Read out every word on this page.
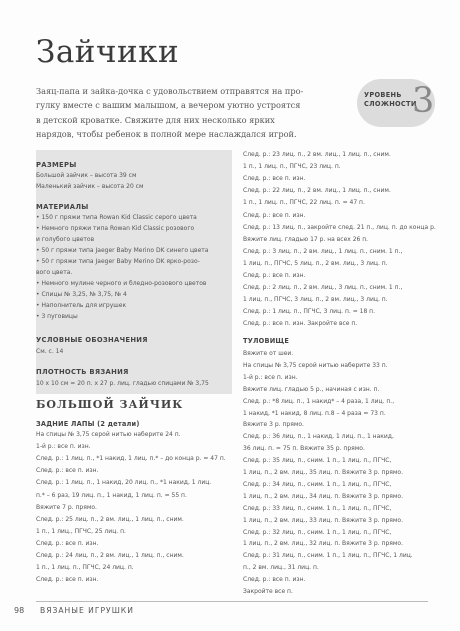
Зайчики
Заяц-папа и зайка-дочка с удовольствием отправятся на про-
гулку вместе с вашим малышом, а вечером уютно устроятся
в детской кроватке. Свяжите для них несколько ярких
нарядов, чтобы ребенок в полной мере наслаждался игрой.
УРОВЕНЬ
СЛОЖНОСТИ
3
РАЗМЕРЫ
Большой зайчик – высота 39 см
Маленький зайчик – высота 20 см
МАТЕРИАЛЫ
• 150 г пряжи типа Rowan Kid Classic серого цвета
• Немного пряжи типа Rowan Kid Classic розового
и голубого цветов
• 50 г пряжи типа Jaeger Baby Merino DK синего цвета
• 50 г пряжи типа Jaeger Baby Merino DK ярко-розо-
вого цвета.
• Немного мулине черного и бледно-розового цветов
• Спицы № 3,25, № 3,75, № 4
• Наполнитель для игрушек
• 3 пуговицы
УСЛОВНЫЕ ОБОЗНАЧЕНИЯ
См. с. 14
ПЛОТНОСТЬ ВЯЗАНИЯ
10 x 10 см = 20 п. х 27 р. лиц. гладью спицами № 3,75
БОЛЬШОЙ ЗАЙЧИК
ЗАДНИЕ ЛАПЫ (2 детали)
На спицы № 3,75 серой нитью наберите 24 п.
1-й р.: все п. изн.
След. р.: 1 лиц. п., *1 накид, 1 лиц. п.* – до конца р. = 47 п.
След. р.: все п. изн.
След. р.: 1 лиц. п., 1 накид, 20 лиц. п., *1 накид, 1 лиц.
п.* – 6 раз, 19 лиц. п., 1 накид, 1 лиц. п. = 55 п.
Вяжите 7 р. прямо.
След. р.: 25 лиц. п., 2 вм. лиц., 1 лиц. п., сним.
1 п., 1 лиц., ПГЧС, 25 лиц. п.
След. р.: все п. изн.
След. р.: 24 лиц. п., 2 вм. лиц., 1 лиц. п., сним.
1 п., 1 лиц. п., ПГЧС, 24 лиц. п.
След. р.: все п. изн.
След. р.: 23 лиц. п., 2 вм. лиц., 1 лиц. п., сним.
1 п., 1 лиц. п., ПГЧС, 23 лиц. п.
След. р.: все п. изн.
След. р.: 22 лиц. п., 2 вм. лиц., 1 лиц. п., сним.
1 п., 1 лиц. п., ПГЧС, 22 лиц. п. = 47 п.
След. р.: все п. изн.
След. р.: 13 лиц. п., закройте след. 21 п., лиц. п. до конца р.
Вяжите лиц. гладью 17 р. на всех 26 п.
След. р.: 3 лиц. п., 2 вм. лиц., 1 лиц. п., сним. 1 п.,
1 лиц. п., ПГЧС, 5 лиц. п., 2 вм. лиц., 3 лиц. п.
След. р.: все п. изн.
След. р.: 2 лиц. п., 2 вм. лиц., 3 лиц. п., сним. 1 п.,
1 лиц. п., ПГЧС, 3 лиц. п., 2 вм. лиц., 3 лиц. п.
След. р.: 1 лиц. п., ПГЧС, 3 лиц. п. = 18 п.
След. р.: все п. изн. Закройте все п.
ТУЛОВИЩЕ
Вяжите от шеи.
На спицы № 3,75 серой нитью наберите 33 п.
1-й р.: все п. изн.
Вяжите лиц. гладью 5 р., начиная с изн. п.
След. р.: *8 лиц. п., 1 накид* – 4 раза, 1 лиц. п.,
1 накид, *1 накид, 8 лиц. п.8 – 4 раза = 73 п.
Вяжите 3 р. прямо.
След. р.: 36 лиц. п., 1 накид, 1 лиц. п., 1 накид,
36 лиц. п. = 75 п. Вяжите 35 р. прямо.
След. р.: 35 лиц. п., сним. 1 п., 1 лиц. п., ПГЧС,
1 лиц. п., 2 вм. лиц., 35 лиц. п. Вяжите 3 р. прямо.
След. р.: 34 лиц. п., сним. 1 п., 1 лиц. п., ПГЧС,
1 лиц. п., 2 вм. лиц., 34 лиц. п. Вяжите 3 р. прямо.
След. р.: 33 лиц. п., сним. 1 п., 1 лиц. п., ПГЧС,
1 лиц. п., 2 вм. лиц., 33 лиц. п. Вяжите 3 р. прямо.
След. р.: 32 лиц. п., сним. 1 п., 1 лиц. п., ПГЧС,
1 лиц. п., 2 вм. лиц., 32 лиц. п. Вяжите 3 р. прямо.
След. р.: 31 лиц. п., сним. 1 п., 1 лиц. п., ПГЧС, 1 лиц.
п., 2 вм. лиц., 31 лиц. п.
След. р.: все п. изн.
Закройте все п.
98 ВЯЗАНЫЕ ИГРУШКИ
